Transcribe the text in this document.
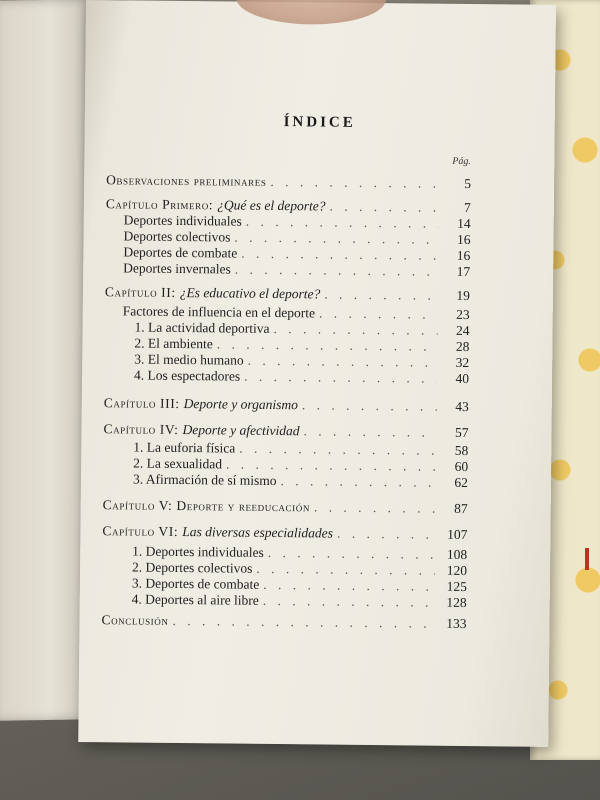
ÍNDICE
Pág.
Observaciones preliminares . . .	5
Capítulo Primero: ¿Qué es el deporte? . . .	7
Deportes individuales . . .	14
Deportes colectivos . . .	16
Deportes de combate . . .	16
Deportes invernales . . .	17
Capítulo II: ¿Es educativo el deporte? . . .	19
Factores de influencia en el deporte . . .	23
1. La actividad deportiva . . .	24
2. El ambiente . . .	28
3. El medio humano . . .	32
4. Los espectadores . . .	40
Capítulo III: Deporte y organismo . . .	43
Capítulo IV: Deporte y afectividad . . .	57
1. La euforia física . . .	58
2. La sexualidad . . .	60
3. Afirmación de sí mismo . . .	62
Capítulo V: Deporte y reeducación . . .	87
Capítulo VI: Las diversas especialidades . . .	107
1. Deportes individuales . . .	108
2. Deportes colectivos . . .	120
3. Deportes de combate . . .	125
4. Deportes al aire libre . . .	128
Conclusión . . .	133
